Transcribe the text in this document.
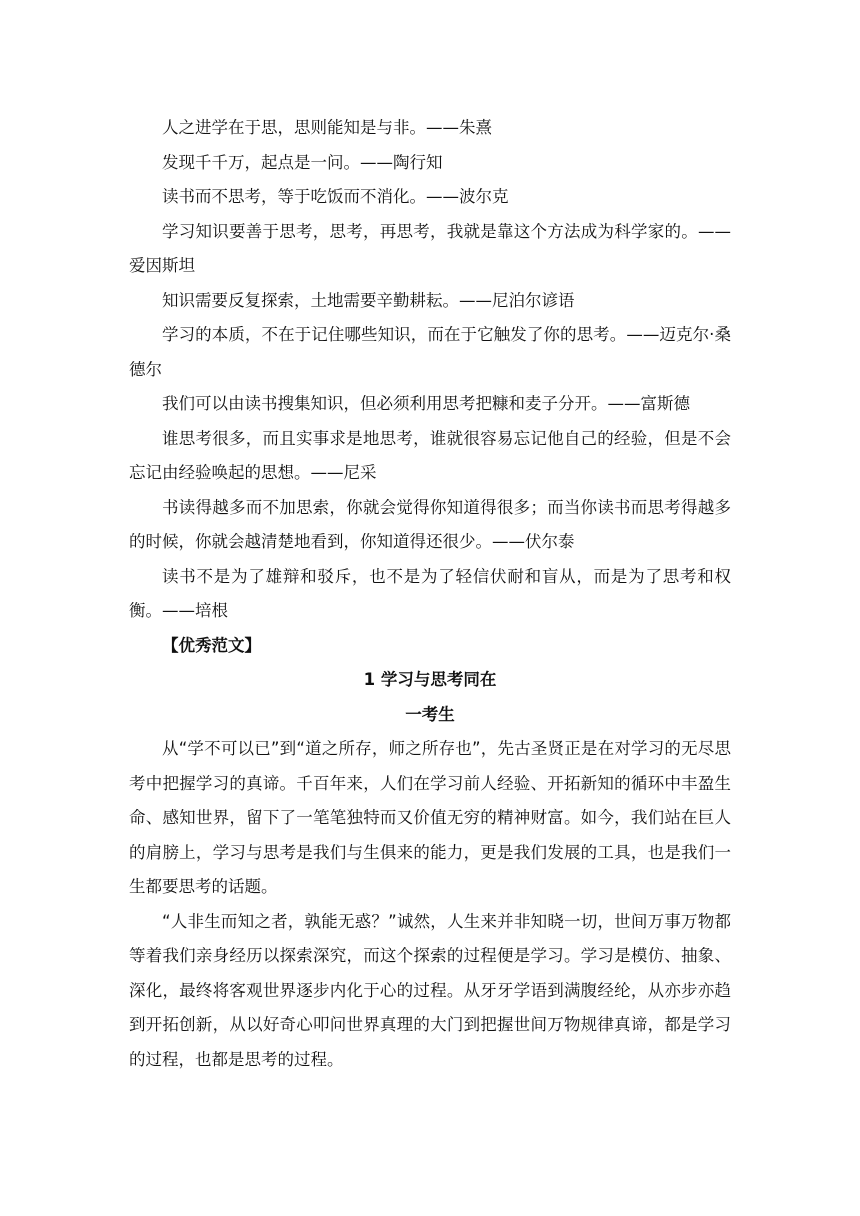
人之进学在于思，思则能知是与非。——朱熹

发现千千万，起点是一问。——陶行知

读书而不思考，等于吃饭而不消化。——波尔克

学习知识要善于思考，思考，再思考，我就是靠这个方法成为科学家的。——爱因斯坦

知识需要反复探索，土地需要辛勤耕耘。——尼泊尔谚语

学习的本质，不在于记住哪些知识，而在于它触发了你的思考。——迈克尔·桑德尔

我们可以由读书搜集知识，但必须利用思考把糠和麦子分开。——富斯德

谁思考很多，而且实事求是地思考，谁就很容易忘记他自己的经验，但是不会忘记由经验唤起的思想。——尼采

书读得越多而不加思索，你就会觉得你知道得很多；而当你读书而思考得越多的时候，你就会越清楚地看到，你知道得还很少。——伏尔泰

读书不是为了雄辩和驳斥，也不是为了轻信伏耐和盲从，而是为了思考和权衡。——培根

【优秀范文】

1 学习与思考同在

一考生

从“学不可以已”到“道之所存，师之所存也”，先古圣贤正是在对学习的无尽思考中把握学习的真谛。千百年来，人们在学习前人经验、开拓新知的循环中丰盈生命、感知世界，留下了一笔笔独特而又价值无穷的精神财富。如今，我们站在巨人的肩膀上，学习与思考是我们与生俱来的能力，更是我们发展的工具，也是我们一生都要思考的话题。

“人非生而知之者，孰能无惑？”诚然，人生来并非知晓一切，世间万事万物都等着我们亲身经历以探索深究，而这个探索的过程便是学习。学习是模仿、抽象、深化，最终将客观世界逐步内化于心的过程。从牙牙学语到满腹经纶，从亦步亦趋到开拓创新，从以好奇心叩问世界真理的大门到把握世间万物规律真谛，都是学习的过程，也都是思考的过程。
